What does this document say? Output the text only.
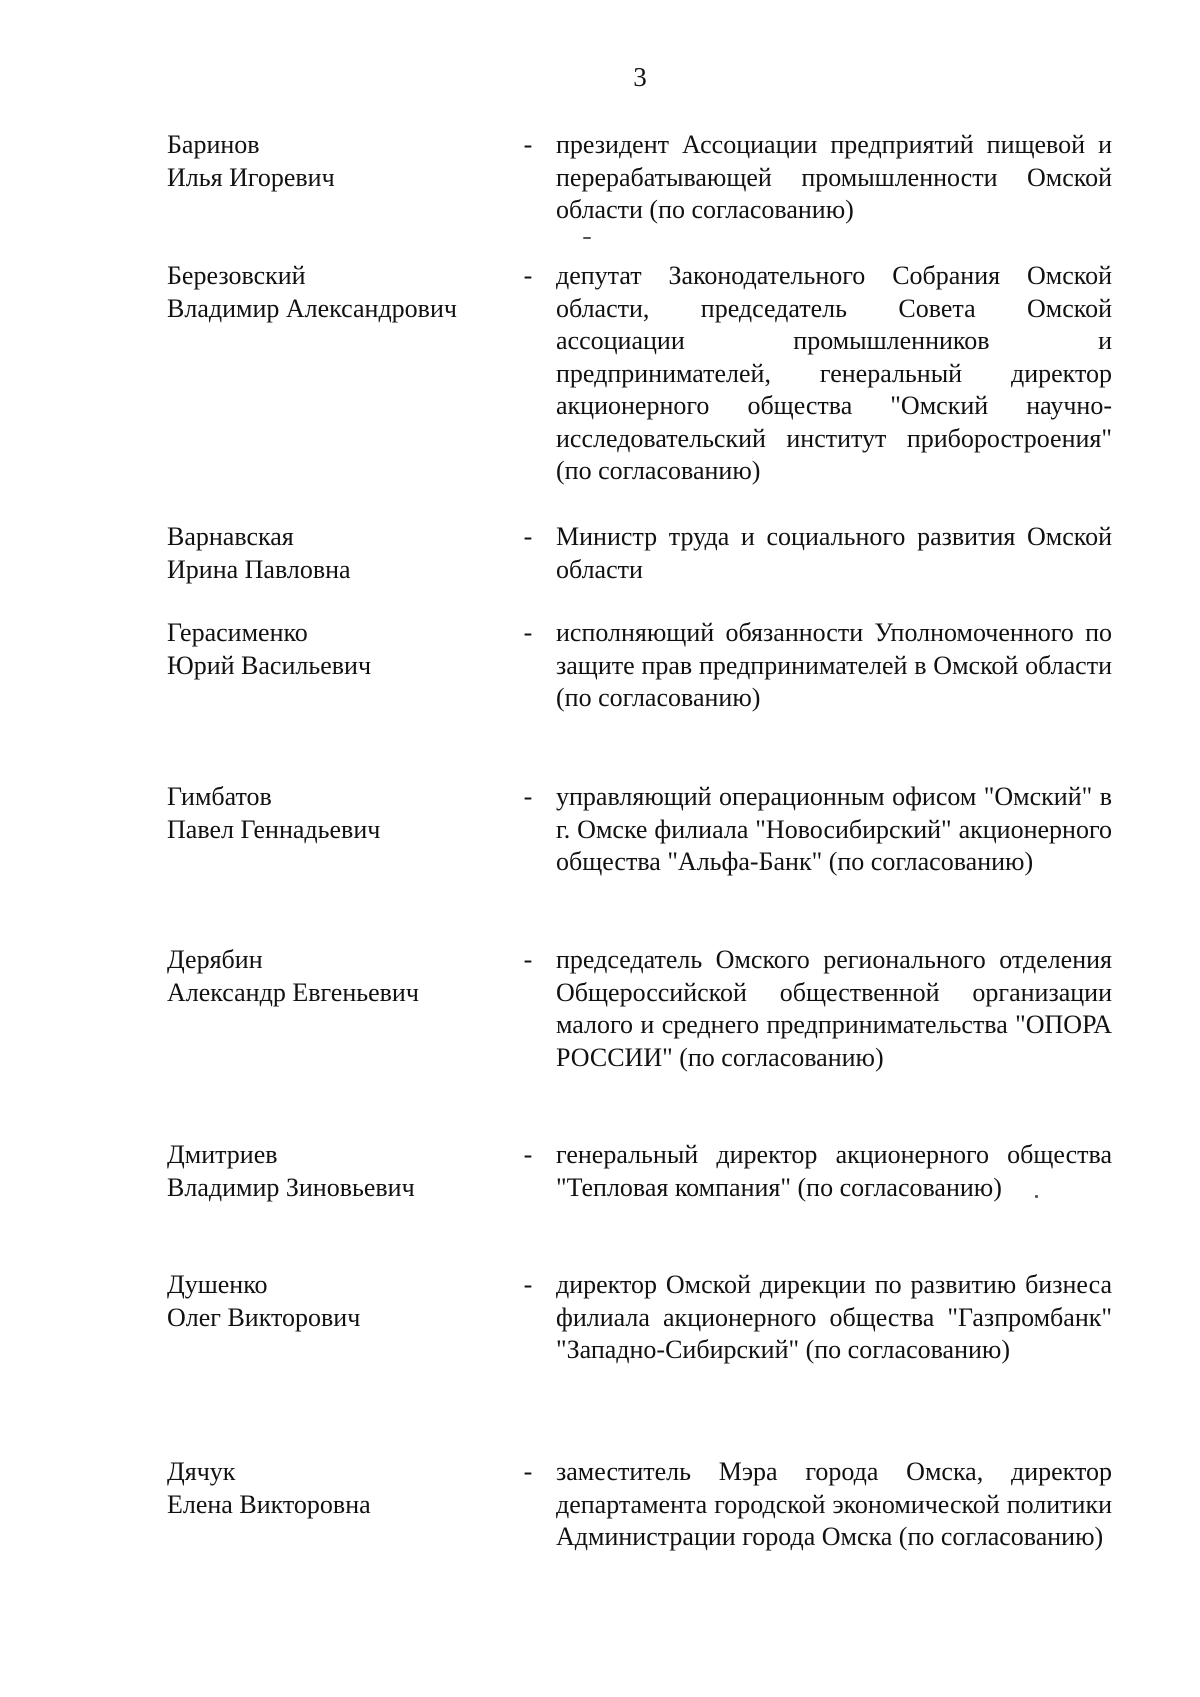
3
Баринов
Илья Игоревич
- президент Ассоциации предприятий пищевой и перерабатывающей промышленности Омской области (по согласованию)
Березовский
Владимир Александрович
- депутат Законодательного Собрания Омской области, председатель Совета Омской ассоциации промышленников и предпринимателей, генеральный директор акционерного общества "Омский научно-исследовательский институт приборостроения" (по согласованию)
Варнавская
Ирина Павловна
- Министр труда и социального развития Омской области
Герасименко
Юрий Васильевич
- исполняющий обязанности Уполномоченного по защите прав предпринимателей в Омской области (по согласованию)
Гимбатов
Павел Геннадьевич
- управляющий операционным офисом "Омский" в г. Омске филиала "Новосибирский" акционерного общества "Альфа-Банк" (по согласованию)
Дерябин
Александр Евгеньевич
- председатель Омского регионального отделения Общероссийской общественной организации малого и среднего предпринимательства "ОПОРА РОССИИ" (по согласованию)
Дмитриев
Владимир Зиновьевич
- генеральный директор акционерного общества "Тепловая компания" (по согласованию)
Душенко
Олег Викторович
- директор Омской дирекции по развитию бизнеса филиала акционерного общества "Газпромбанк" "Западно-Сибирский" (по согласованию)
Дячук
Елена Викторовна
- заместитель Мэра города Омска, директор департамента городской экономической политики Администрации города Омска (по согласованию)
